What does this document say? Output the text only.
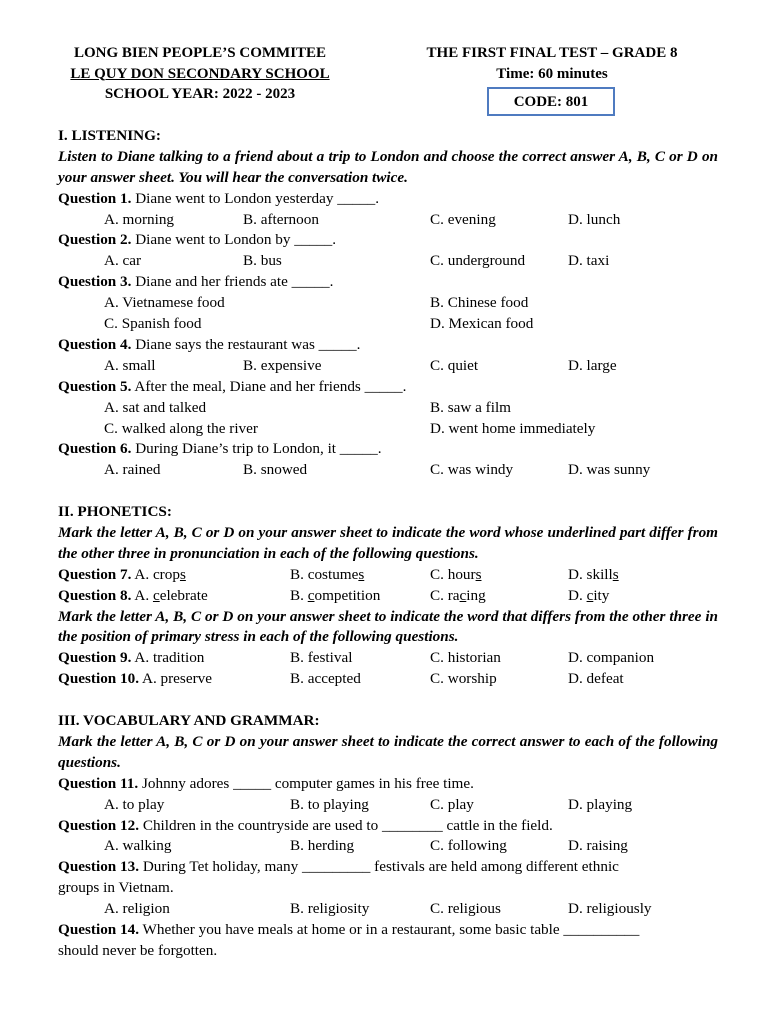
LONG BIEN PEOPLE’S COMMITEE
LE QUY DON SECONDARY SCHOOL
SCHOOL YEAR: 2022 - 2023
THE FIRST FINAL TEST – GRADE 8
Time: 60 minutes
CODE: 801
I. LISTENING:
Listen to Diane talking to a friend about a trip to London and choose the correct answer A, B, C or D on your answer sheet. You will hear the conversation twice.
Question 1. Diane went to London yesterday _____.
A. morning	B. afternoon	C. evening	D. lunch
Question 2. Diane went to London by _____.
A. car	B. bus	C. underground	D. taxi
Question 3. Diane and her friends ate _____.
A. Vietnamese food	B. Chinese food
C. Spanish food	D. Mexican food
Question 4. Diane says the restaurant was _____.
A. small	B. expensive	C. quiet	D. large
Question 5. After the meal, Diane and her friends _____.
A. sat and talked	B. saw a film
C. walked along the river	D. went home immediately
Question 6. During Diane’s trip to London, it _____.
A. rained	B. snowed	C. was windy	D. was sunny
II. PHONETICS:
Mark the letter A, B, C or D on your answer sheet to indicate the word whose underlined part differ from the other three in pronunciation in each of the following questions.
Question 7. A. crops	B. costumes	C. hours	D. skills
Question 8. A. celebrate	B. competition	C. racing	D. city
Mark the letter A, B, C or D on your answer sheet to indicate the word that differs from the other three in the position of primary stress in each of the following questions.
Question 9. A. tradition	B. festival	C. historian	D. companion
Question 10. A. preserve	B. accepted	C. worship	D. defeat
III. VOCABULARY AND GRAMMAR:
Mark the letter A, B, C or D on your answer sheet to indicate the correct answer to each of the following questions.
Question 11. Johnny adores _____ computer games in his free time.
A. to play	B. to playing	C. play	D. playing
Question 12. Children in the countryside are used to ________ cattle in the field.
A. walking	B. herding	C. following	D. raising
Question 13. During Tet holiday, many _________ festivals are held among different ethnic
groups in Vietnam.
A. religion	B. religiosity	C. religious	D. religiously
Question 14. Whether you have meals at home or in a restaurant, some basic table __________
should never be forgotten.
